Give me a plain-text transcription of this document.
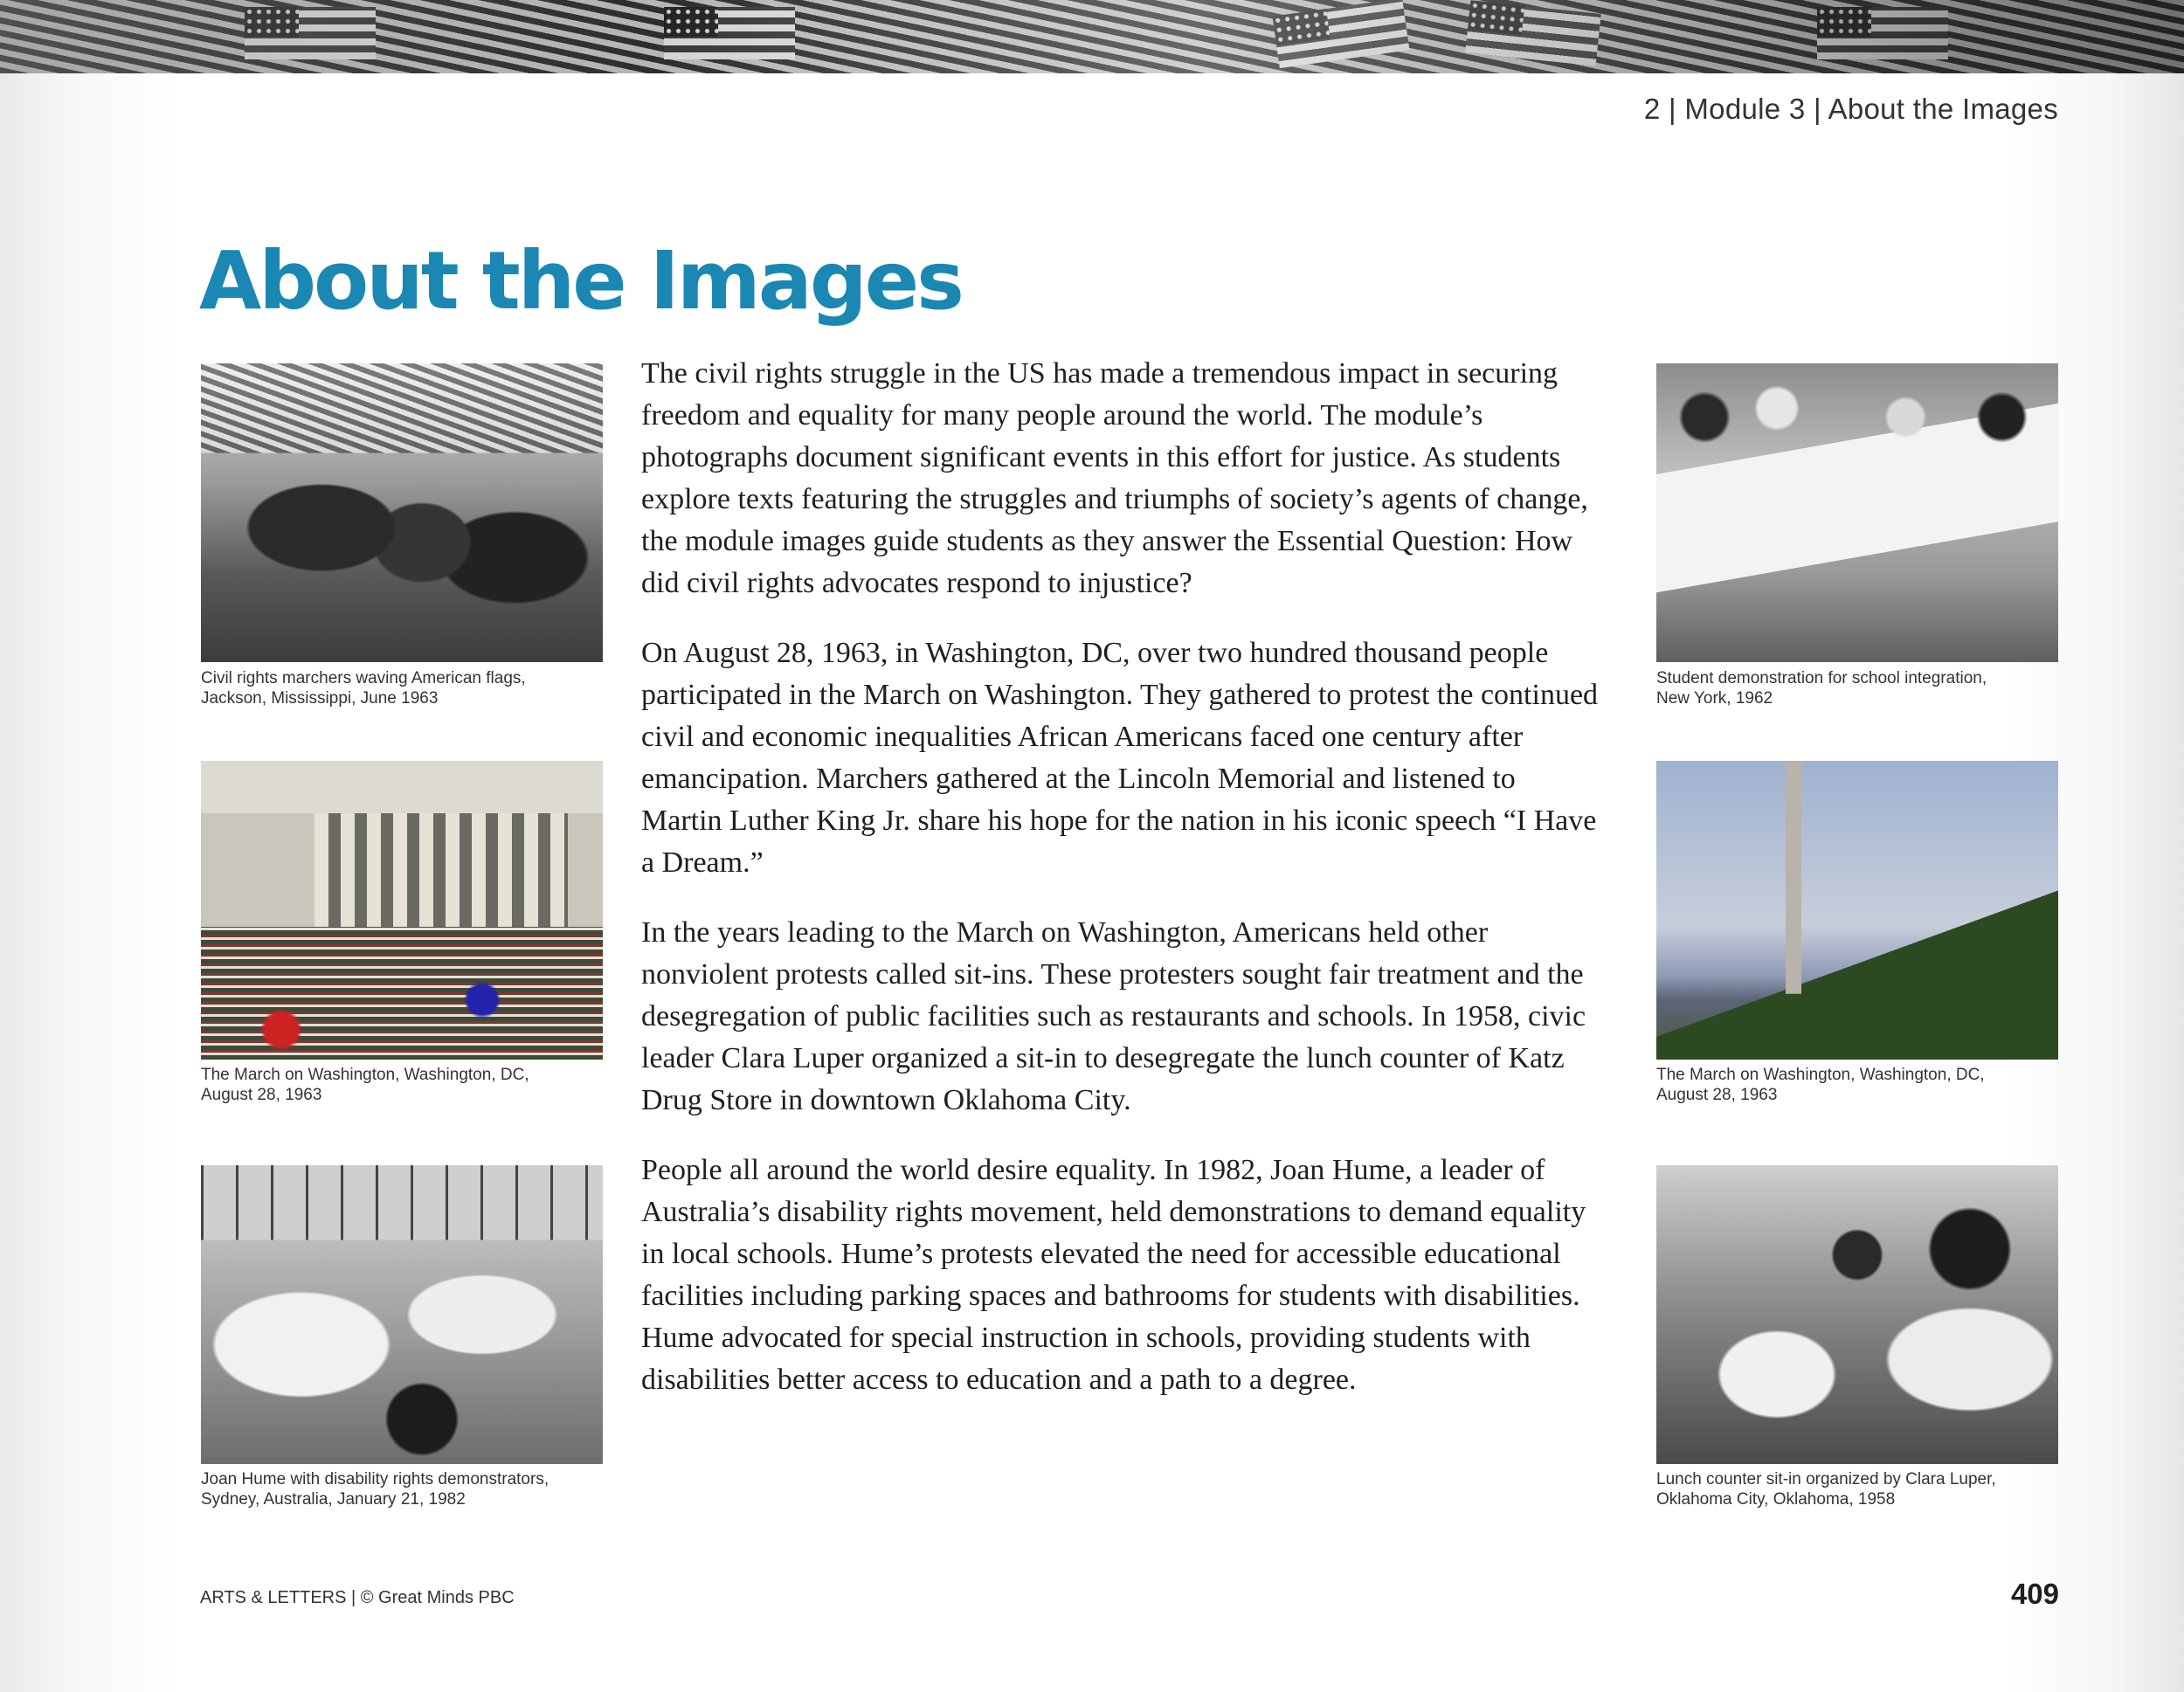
2 | Module 3 | About the Images
About the Images
Civil rights marchers waving American flags,
Jackson, Mississippi, June 1963
The March on Washington, Washington, DC,
August 28, 1963
Joan Hume with disability rights demonstrators,
Sydney, Australia, January 21, 1982

The civil rights struggle in the US has made a tremendous impact in securing freedom and equality for many people around the world. The module’s photographs document significant events in this effort for justice. As students explore texts featuring the struggles and triumphs of society’s agents of change, the module images guide students as they answer the Essential Question: How did civil rights advocates respond to injustice?

On August 28, 1963, in Washington, DC, over two hundred thousand people participated in the March on Washington. They gathered to protest the continued civil and economic inequalities African Americans faced one century after emancipation. Marchers gathered at the Lincoln Memorial and listened to Martin Luther King Jr. share his hope for the nation in his iconic speech “I Have a Dream.”

In the years leading to the March on Washington, Americans held other nonviolent protests called sit-ins. These protesters sought fair treatment and the desegregation of public facilities such as restaurants and schools. In 1958, civic leader Clara Luper organized a sit-in to desegregate the lunch counter of Katz Drug Store in downtown Oklahoma City.

People all around the world desire equality. In 1982, Joan Hume, a leader of Australia’s disability rights movement, held demonstrations to demand equality in local schools. Hume’s protests elevated the need for accessible educational facilities including parking spaces and bathrooms for students with disabilities. Hume advocated for special instruction in schools, providing students with disabilities better access to education and a path to a degree.

Student demonstration for school integration,
New York, 1962
The March on Washington, Washington, DC,
August 28, 1963
Lunch counter sit-in organized by Clara Luper,
Oklahoma City, Oklahoma, 1958
ARTS & LETTERS | © Great Minds PBC	409
